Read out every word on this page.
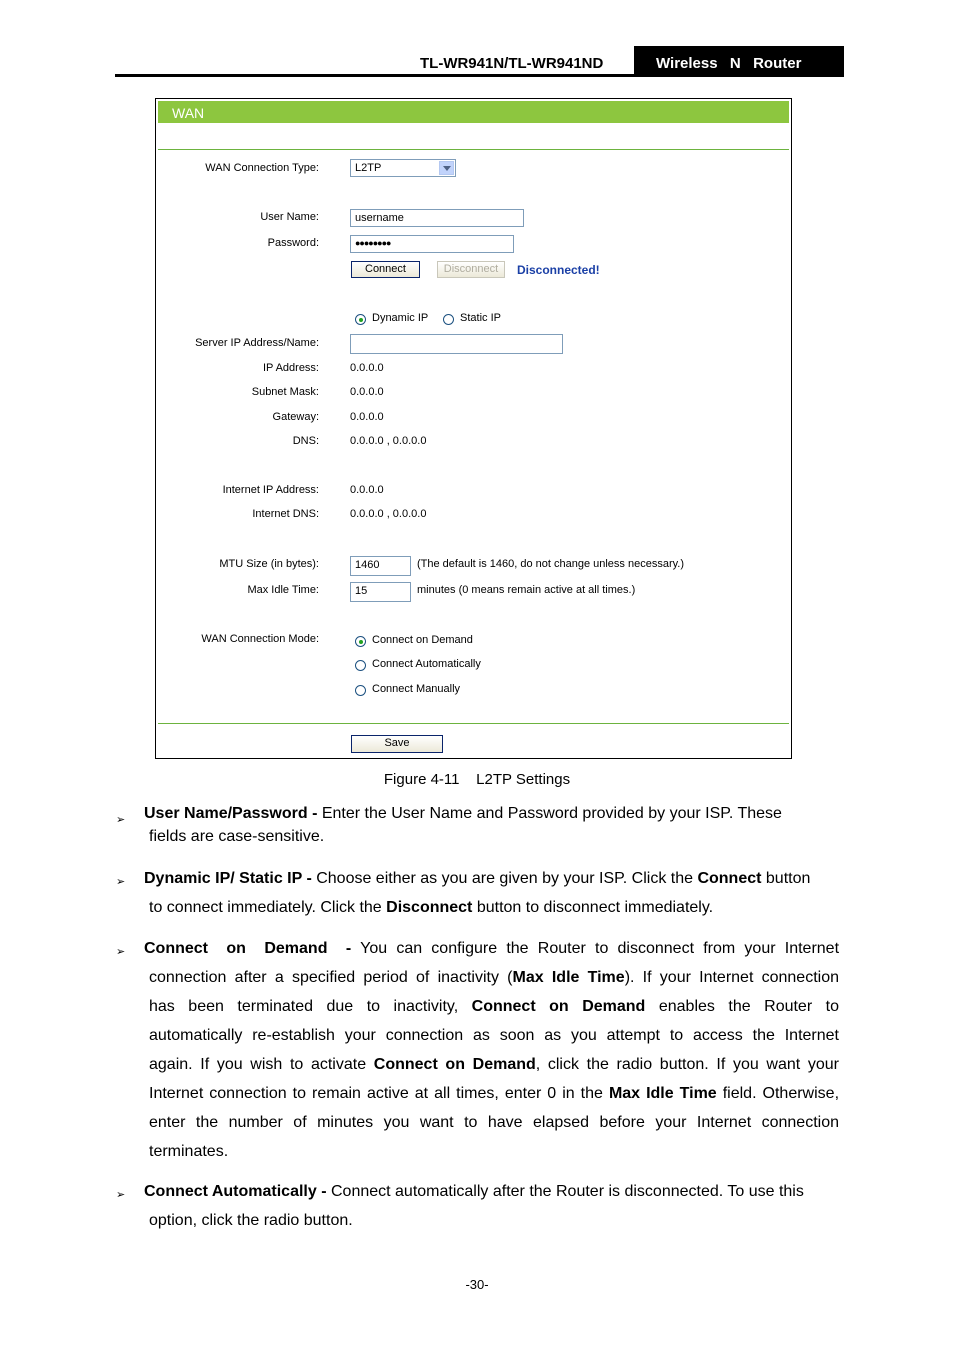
TL-WR941N/TL-WR941ND	Wireless  N  Router
WAN
WAN Connection Type:	L2TP
User Name:	username
Password:	●●●●●●●●
Connect	Disconnect	Disconnected!
Dynamic IP	Static IP
Server IP Address/Name:
IP Address:	0.0.0.0
Subnet Mask:	0.0.0.0
Gateway:	0.0.0.0
DNS:	0.0.0.0 , 0.0.0.0
Internet IP Address:	0.0.0.0
Internet DNS:	0.0.0.0 , 0.0.0.0
MTU Size (in bytes):	1460	(The default is 1460, do not change unless necessary.)
Max Idle Time:	15	minutes (0 means remain active at all times.)
WAN Connection Mode:	Connect on Demand
Connect Automatically
Connect Manually
Save
Figure 4-11    L2TP Settings
➢ User Name/Password - Enter the User Name and Password provided by your ISP. These
fields are case-sensitive.
➢ Dynamic IP/ Static IP - Choose either as you are given by your ISP. Click the Connect button
to connect immediately. Click the Disconnect button to disconnect immediately.
➢ Connect  on  Demand  - You can configure the Router to disconnect from your Internet
connection after a specified period of inactivity (Max Idle Time). If your Internet connection
has been terminated due to inactivity, Connect on Demand enables the Router to
automatically re-establish your connection as soon as you attempt to access the Internet
again. If you wish to activate Connect on Demand, click the radio button. If you want your
Internet connection to remain active at all times, enter 0 in the Max Idle Time field. Otherwise,
enter the number of minutes you want to have elapsed before your Internet connection
terminates.
➢ Connect Automatically - Connect automatically after the Router is disconnected. To use this
option, click the radio button.
-30-
